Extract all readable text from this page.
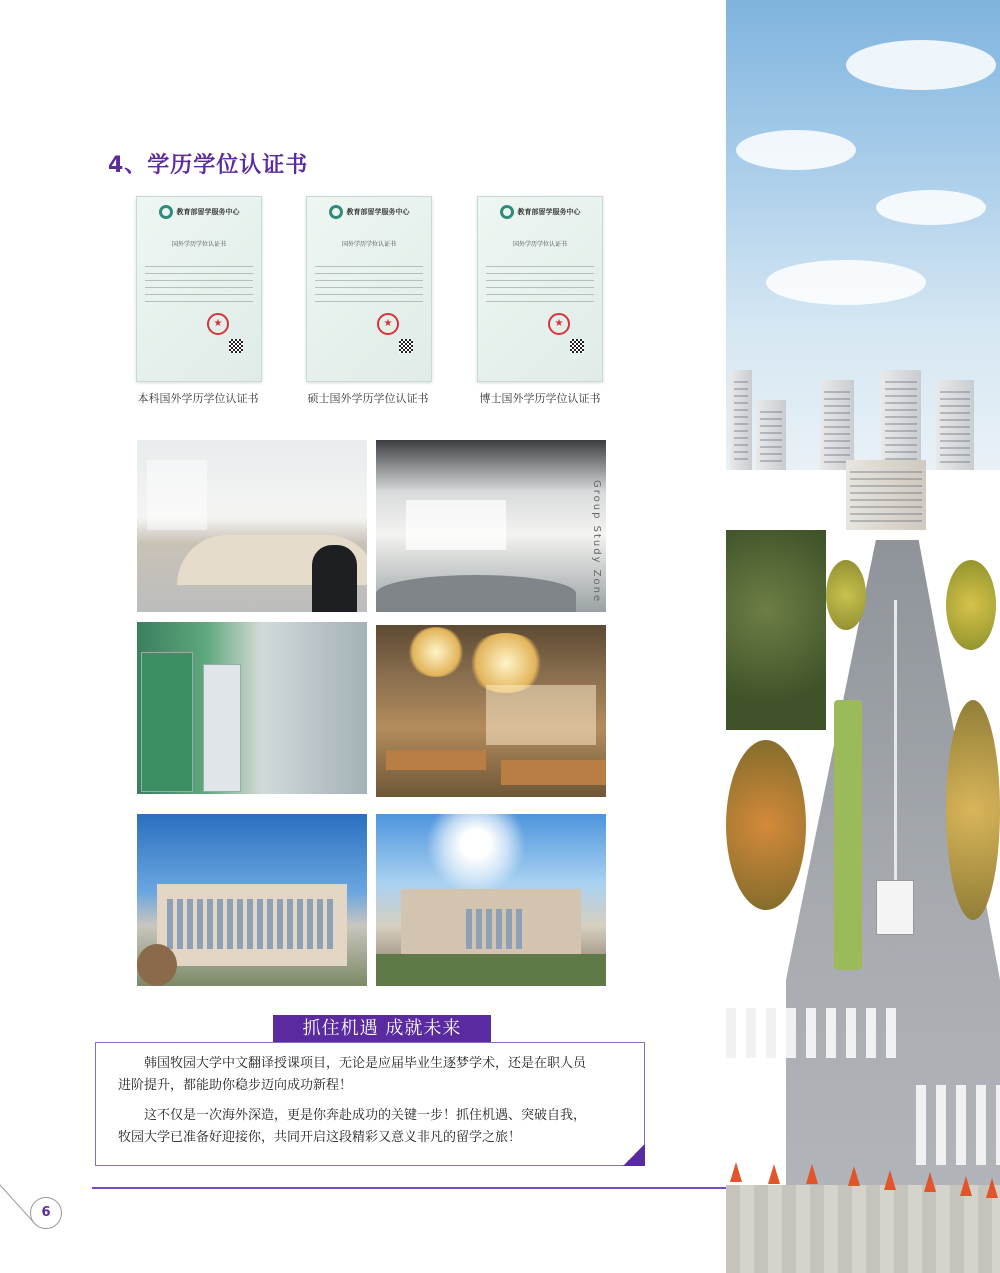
4、学历学位认证书
教育部留学服务中心
国外学历学位认证书
★
教育部留学服务中心
国外学历学位认证书
★
教育部留学服务中心
国外学历学位认证书
★
本科国外学历学位认证书	硕士国外学历学位认证书	博士国外学历学位认证书
Group Study Zone
抓住机遇 成就未来

韩国牧园大学中文翻译授课项目，无论是应届毕业生逐梦学术，还是在职人员进阶提升，都能助你稳步迈向成功新程！

这不仅是一次海外深造，更是你奔赴成功的关键一步！抓住机遇、突破自我，牧园大学已准备好迎接你，共同开启这段精彩又意义非凡的留学之旅！

6
